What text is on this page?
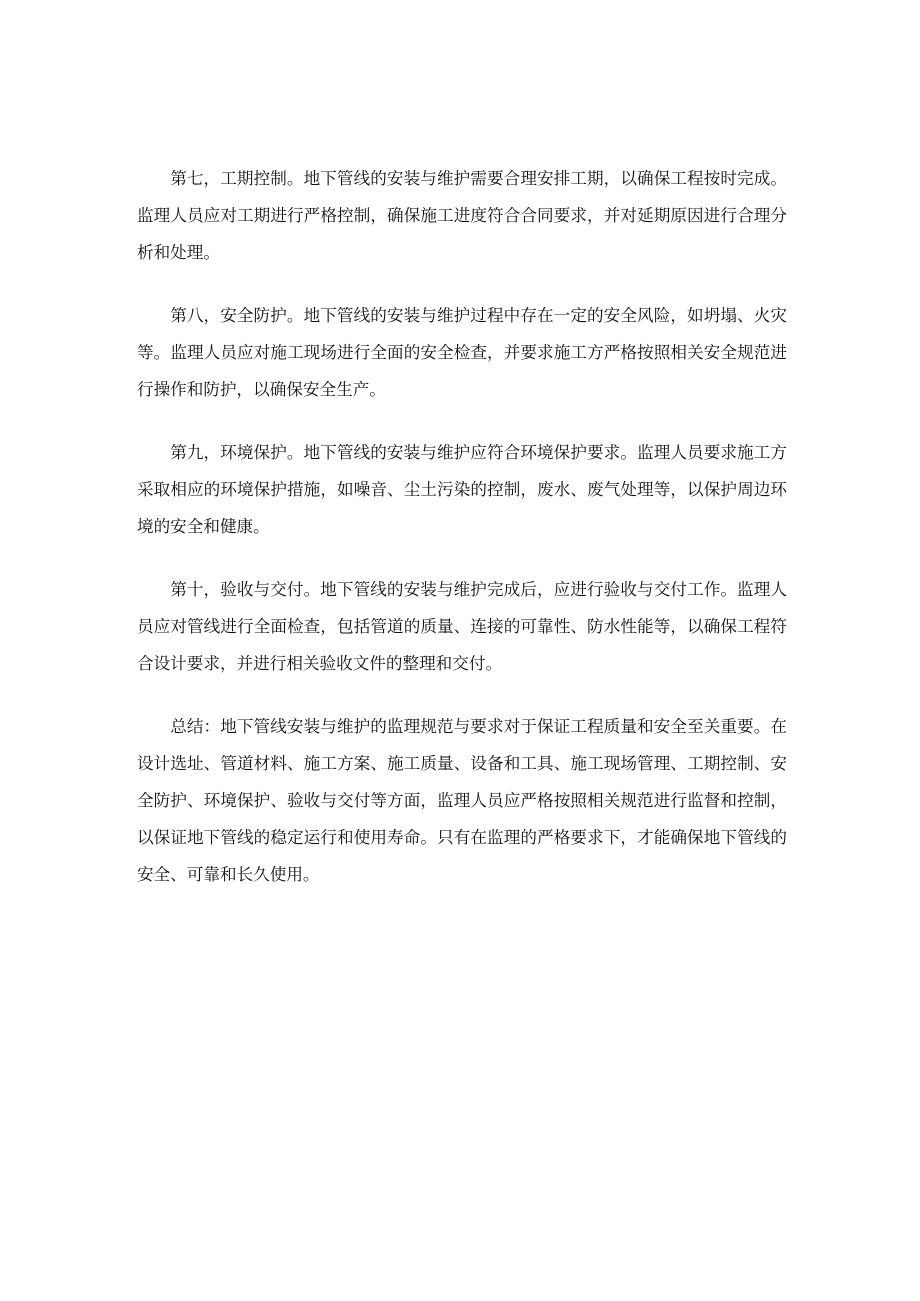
第七，工期控制。地下管线的安装与维护需要合理安排工期，以确保工程按时完成。监理人员应对工期进行严格控制，确保施工进度符合合同要求，并对延期原因进行合理分析和处理。

第八，安全防护。地下管线的安装与维护过程中存在一定的安全风险，如坍塌、火灾等。监理人员应对施工现场进行全面的安全检查，并要求施工方严格按照相关安全规范进行操作和防护，以确保安全生产。

第九，环境保护。地下管线的安装与维护应符合环境保护要求。监理人员要求施工方采取相应的环境保护措施，如噪音、尘土污染的控制，废水、废气处理等，以保护周边环境的安全和健康。

第十，验收与交付。地下管线的安装与维护完成后，应进行验收与交付工作。监理人员应对管线进行全面检查，包括管道的质量、连接的可靠性、防水性能等，以确保工程符合设计要求，并进行相关验收文件的整理和交付。

总结：地下管线安装与维护的监理规范与要求对于保证工程质量和安全至关重要。在设计选址、管道材料、施工方案、施工质量、设备和工具、施工现场管理、工期控制、安全防护、环境保护、验收与交付等方面，监理人员应严格按照相关规范进行监督和控制，以保证地下管线的稳定运行和使用寿命。只有在监理的严格要求下，才能确保地下管线的安全、可靠和长久使用。
